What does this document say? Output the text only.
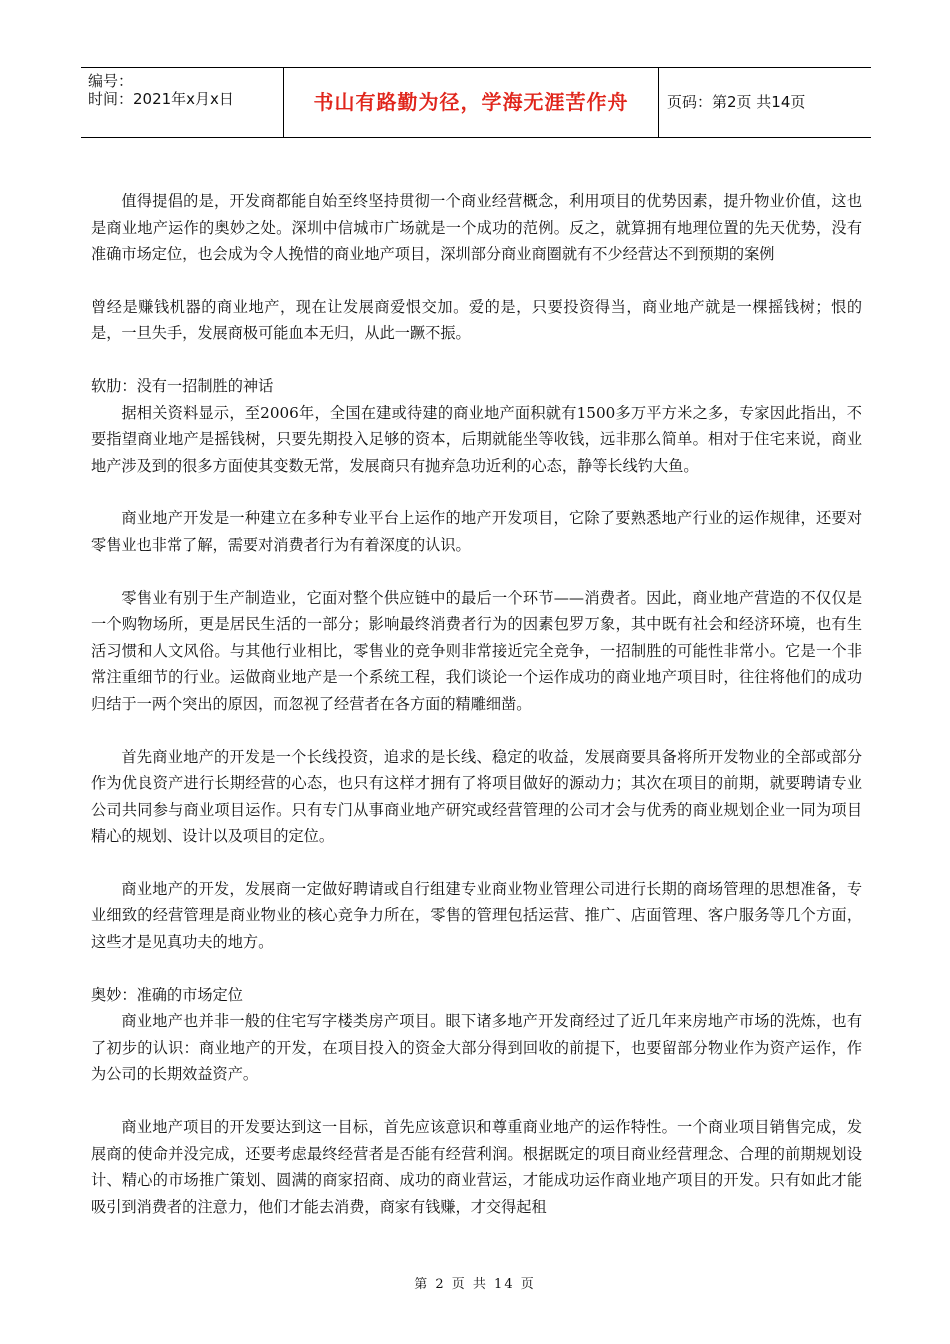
编号：
时间：2021年x月x日	书山有路勤为径，学海无涯苦作舟	页码：第2页 共14页

值得提倡的是，开发商都能自始至终坚持贯彻一个商业经营概念，利用项目的优势因素，提升物业价值，这也是商业地产运作的奥妙之处。深圳中信城市广场就是一个成功的范例。反之，就算拥有地理位置的先天优势，没有准确市场定位，也会成为令人挽惜的商业地产项目，深圳部分商业商圈就有不少经营达不到预期的案例

曾经是赚钱机器的商业地产，现在让发展商爱恨交加。爱的是，只要投资得当，商业地产就是一棵摇钱树；恨的是，一旦失手，发展商极可能血本无归，从此一蹶不振。

软肋：没有一招制胜的神话

据相关资料显示，至2006年，全国在建或待建的商业地产面积就有1500多万平方米之多，专家因此指出，不要指望商业地产是摇钱树，只要先期投入足够的资本，后期就能坐等收钱，远非那么简单。相对于住宅来说，商业地产涉及到的很多方面使其变数无常，发展商只有抛弃急功近利的心态，静等长线钓大鱼。

商业地产开发是一种建立在多种专业平台上运作的地产开发项目，它除了要熟悉地产行业的运作规律，还要对零售业也非常了解，需要对消费者行为有着深度的认识。

零售业有别于生产制造业，它面对整个供应链中的最后一个环节——消费者。因此，商业地产营造的不仅仅是一个购物场所，更是居民生活的一部分；影响最终消费者行为的因素包罗万象，其中既有社会和经济环境，也有生活习惯和人文风俗。与其他行业相比，零售业的竞争则非常接近完全竞争，一招制胜的可能性非常小。它是一个非常注重细节的行业。运做商业地产是一个系统工程，我们谈论一个运作成功的商业地产项目时，往往将他们的成功归结于一两个突出的原因，而忽视了经营者在各方面的精雕细凿。

首先商业地产的开发是一个长线投资，追求的是长线、稳定的收益，发展商要具备将所开发物业的全部或部分作为优良资产进行长期经营的心态，也只有这样才拥有了将项目做好的源动力；其次在项目的前期，就要聘请专业公司共同参与商业项目运作。只有专门从事商业地产研究或经营管理的公司才会与优秀的商业规划企业一同为项目精心的规划、设计以及项目的定位。

商业地产的开发，发展商一定做好聘请或自行组建专业商业物业管理公司进行长期的商场管理的思想准备，专业细致的经营管理是商业物业的核心竞争力所在，零售的管理包括运营、推广、店面管理、客户服务等几个方面，这些才是见真功夫的地方。

奥妙：准确的市场定位

商业地产也并非一般的住宅写字楼类房产项目。眼下诸多地产开发商经过了近几年来房地产市场的洗炼，也有了初步的认识：商业地产的开发，在项目投入的资金大部分得到回收的前提下，也要留部分物业作为资产运作，作为公司的长期效益资产。

商业地产项目的开发要达到这一目标，首先应该意识和尊重商业地产的运作特性。一个商业项目销售完成，发展商的使命并没完成，还要考虑最终经营者是否能有经营利润。根据既定的项目商业经营理念、合理的前期规划设计、精心的市场推广策划、圆满的商家招商、成功的商业营运，才能成功运作商业地产项目的开发。只有如此才能吸引到消费者的注意力，他们才能去消费，商家有钱赚，才交得起租

第 2 页 共 14 页
